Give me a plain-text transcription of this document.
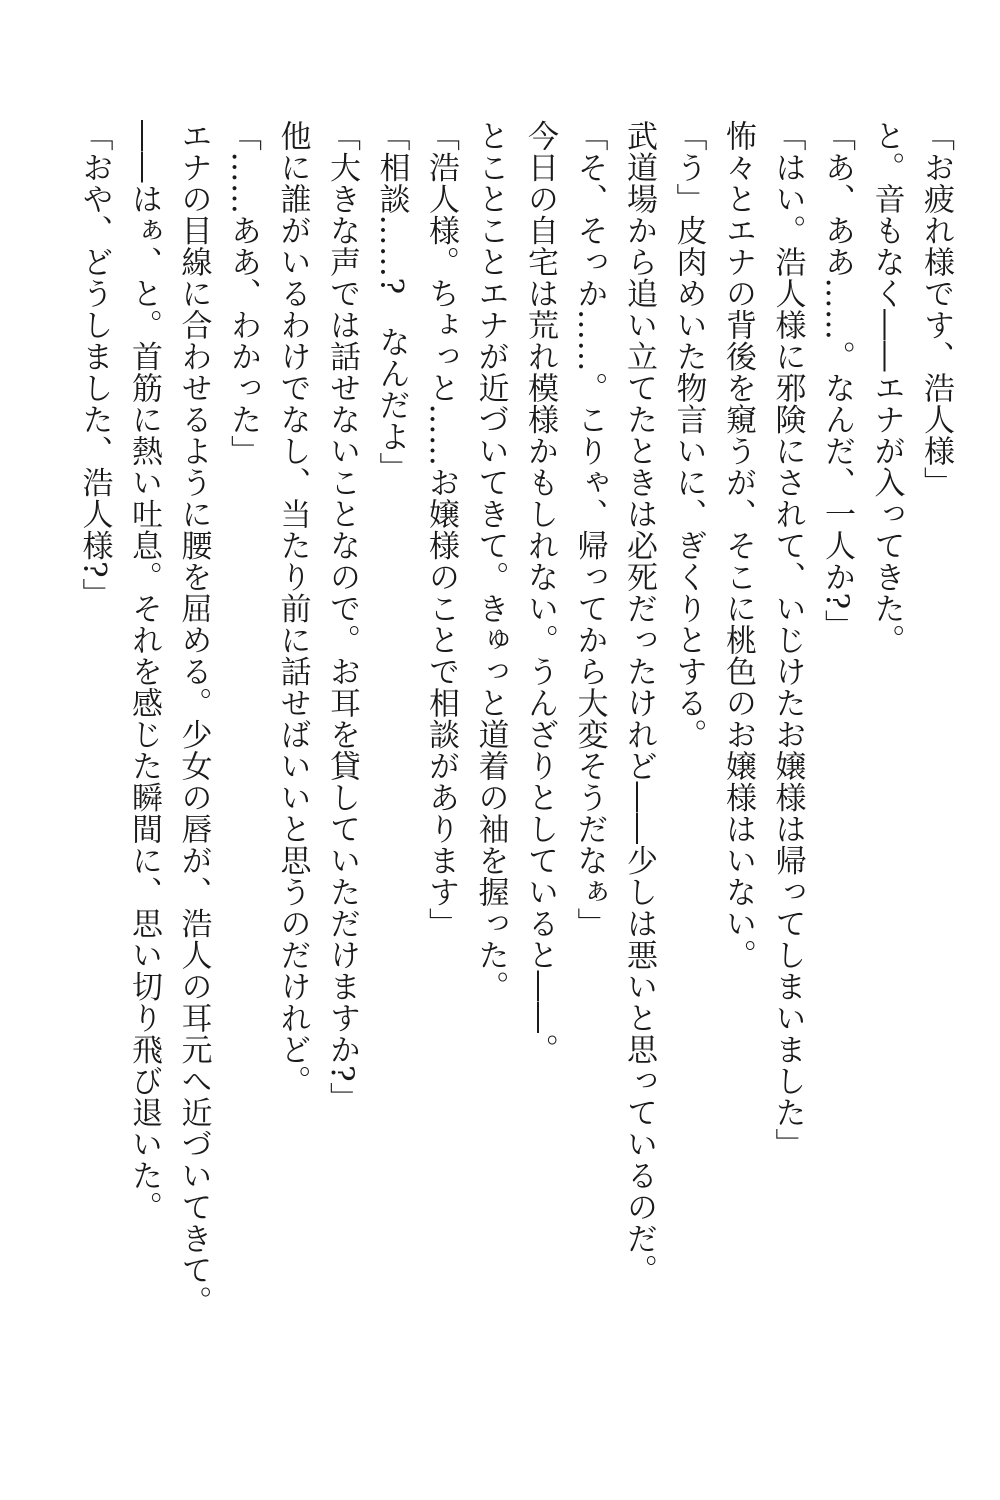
「お疲れ様です、浩人様」
と。音もなく――エナが入ってきた。
「あ、ああ……。なんだ、一人か?」
「はい。浩人様に邪険にされて、いじけたお嬢様は帰ってしまいました」
怖々とエナの背後を窺うが、そこに桃色のお嬢様はいない。
「う」皮肉めいた物言いに、ぎくりとする。
武道場から追い立てたときは必死だったけれど――少しは悪いと思っているのだ。
「そ、そっか……。こりゃ、帰ってから大変そうだなぁ」
今日の自宅は荒れ模様かもしれない。うんざりとしていると――。
とことことエナが近づいてきて。きゅっと道着の袖を握った。
「浩人様。ちょっと……お嬢様のことで相談があります」
「相談……?　なんだよ」
「大きな声では話せないことなので。お耳を貸していただけますか?」
他に誰がいるわけでなし、当たり前に話せばいいと思うのだけれど。
「……ああ、わかった」
エナの目線に合わせるように腰を屈める。少女の唇が、浩人の耳元へ近づいてきて。
――はぁ、と。首筋に熱い吐息。それを感じた瞬間に、思い切り飛び退いた。
「おや、どうしました、浩人様?」
